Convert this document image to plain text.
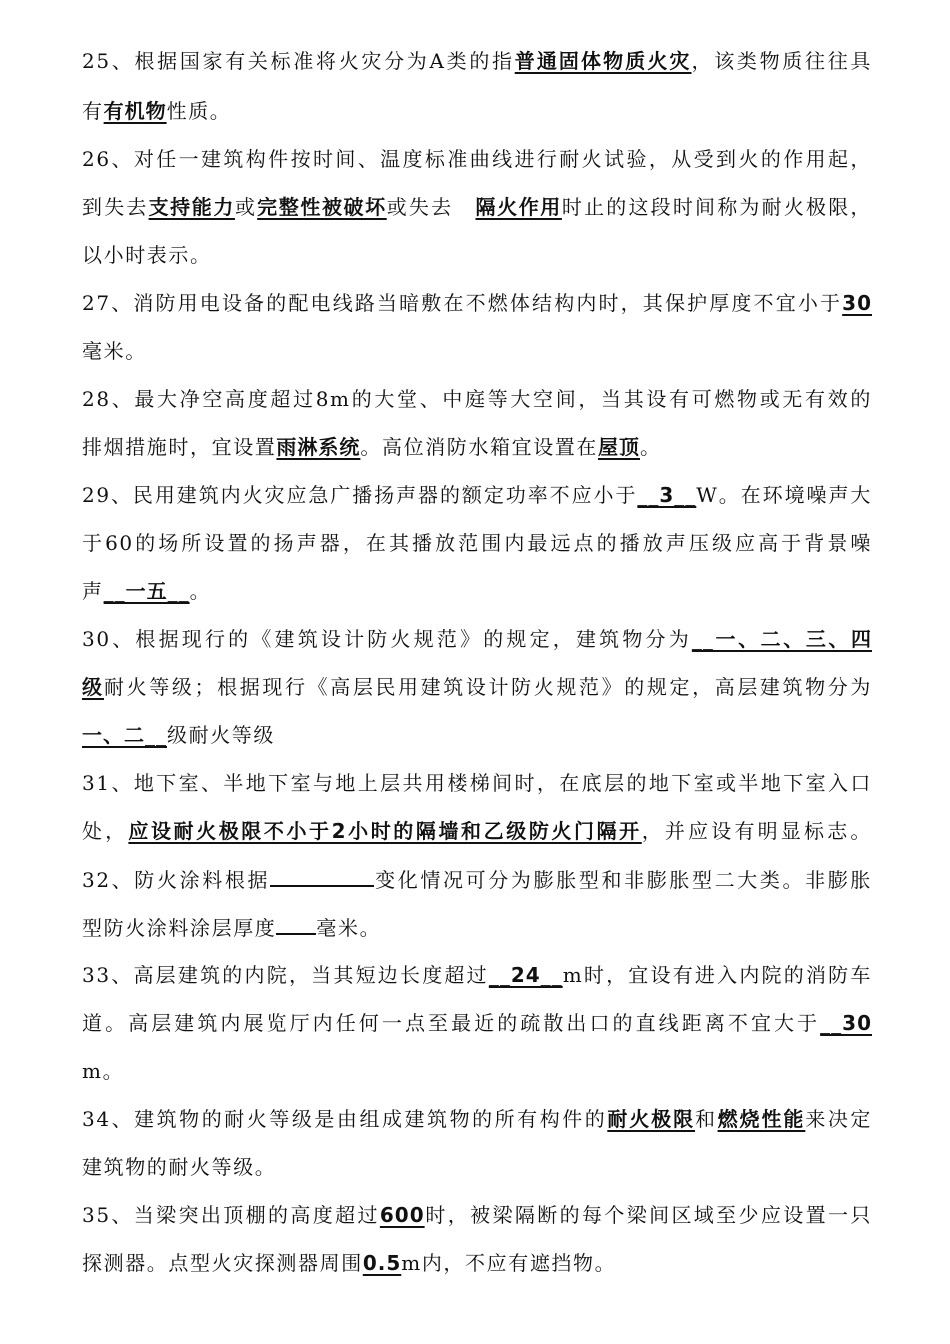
25、根据国家有关标准将火灾分为A类的指普通固体物质火灾，该类物质往往具
有有机物性质。
26、对任一建筑构件按时间、温度标准曲线进行耐火试验，从受到火的作用起，
到失去支持能力或完整性被破坏或失去　隔火作用时止的这段时间称为耐火极限，
以小时表示。
27、消防用电设备的配电线路当暗敷在不燃体结构内时，其保护厚度不宜小于30
毫米。
28、最大净空高度超过8m的大堂、中庭等大空间，当其设有可燃物或无有效的
排烟措施时，宜设置雨淋系统。高位消防水箱宜设置在屋顶。
29、民用建筑内火灾应急广播扬声器的额定功率不应小于__3__W。在环境噪声大
于60的场所设置的扬声器，在其播放范围内最远点的播放声压级应高于背景噪
声__一五__。
30、根据现行的《建筑设计防火规范》的规定，建筑物分为__一、二、三、四
级耐火等级；根据现行《高层民用建筑设计防火规范》的规定，高层建筑物分为
一、二__级耐火等级
31、地下室、半地下室与地上层共用楼梯间时，在底层的地下室或半地下室入口
处，应设耐火极限不小于2小时的隔墙和乙级防火门隔开，并应设有明显标志。
32、防火涂料根据	变化情况可分为膨胀型和非膨胀型二大类。非膨胀
型防火涂料涂层厚度 毫米。
33、高层建筑的内院，当其短边长度超过__24__m时，宜设有进入内院的消防车
道。高层建筑内展览厅内任何一点至最近的疏散出口的直线距离不宜大于__30
m。
34、建筑物的耐火等级是由组成建筑物的所有构件的耐火极限和燃烧性能来决定
建筑物的耐火等级。
35、当梁突出顶棚的高度超过600时，被梁隔断的每个梁间区域至少应设置一只
探测器。点型火灾探测器周围0.5m内，不应有遮挡物。
